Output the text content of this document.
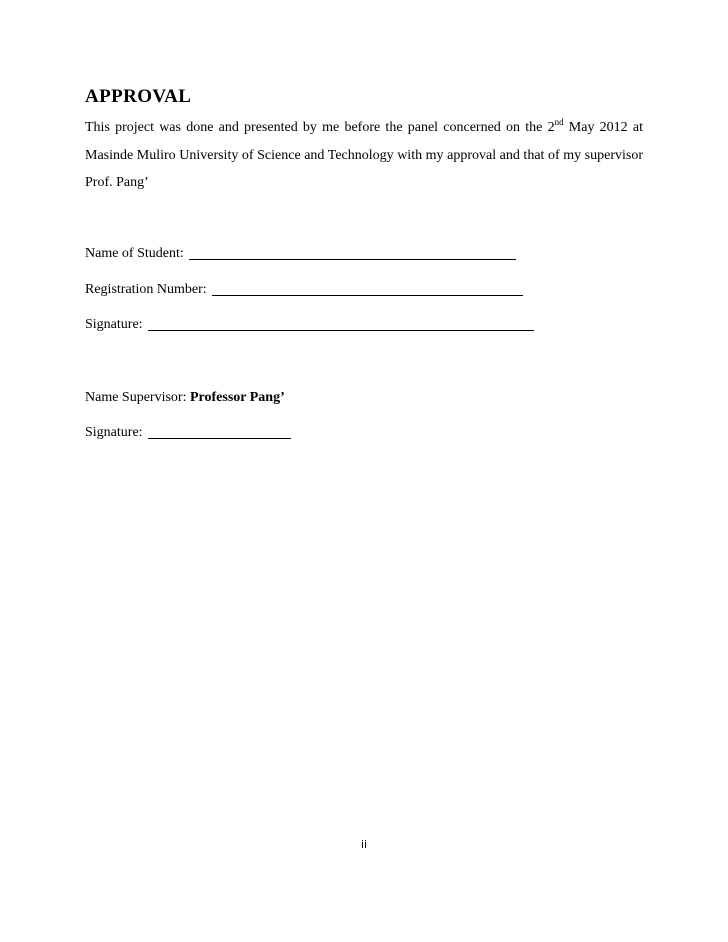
APPROVAL

This project was done and presented by me before the panel concerned on the 2nd May 2012 at Masinde Muliro University of Science and Technology with my approval and that of my supervisor Prof. Pang’

Name of Student:
Registration Number:
Signature:
Name Supervisor: Professor Pang’
Signature:
ii
